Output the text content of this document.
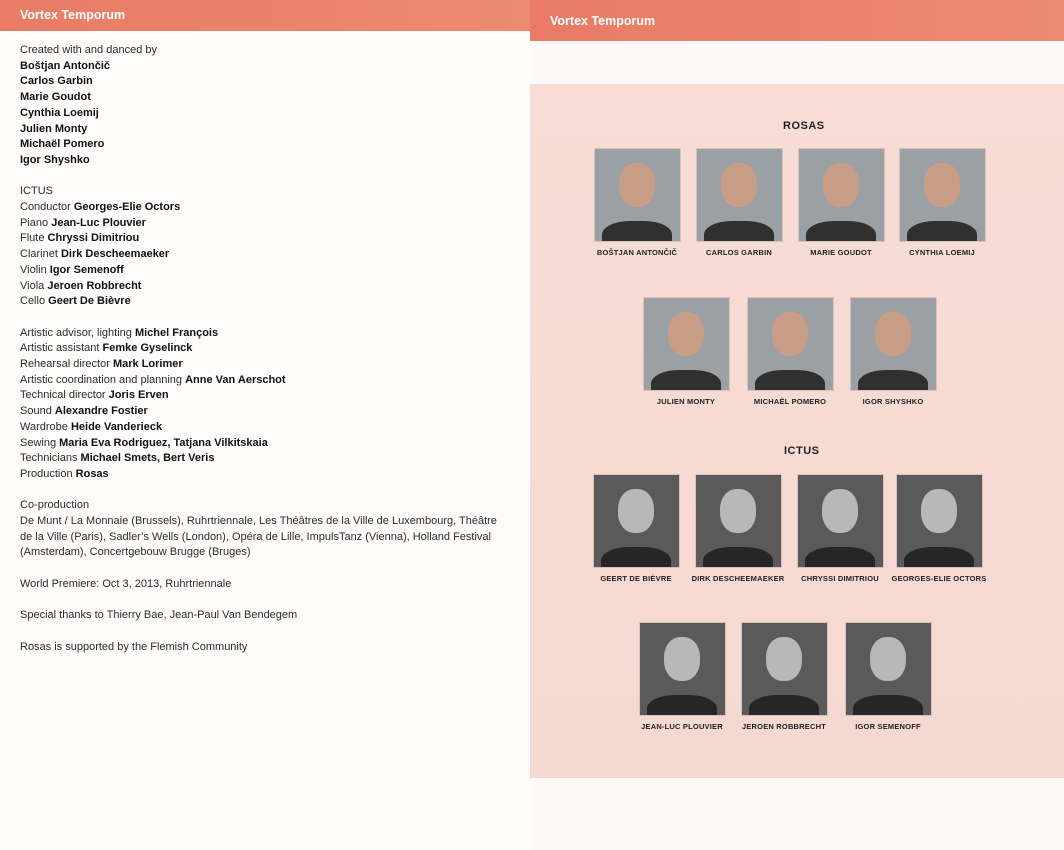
Vortex Temporum
Created with and danced by
Boštjan Antončič
Carlos Garbin
Marie Goudot
Cynthia Loemij
Julien Monty
Michaël Pomero
Igor Shyshko
ICTUS
Conductor Georges-Elie Octors
Piano Jean-Luc Plouvier
Flute Chryssi Dimitriou
Clarinet Dirk Descheemaeker
Violin Igor Semenoff
Viola Jeroen Robbrecht
Cello Geert De Bièvre
Artistic advisor, lighting Michel François
Artistic assistant Femke Gyselinck
Rehearsal director Mark Lorimer
Artistic coordination and planning Anne Van Aerschot
Technical director Joris Erven
Sound Alexandre Fostier
Wardrobe Heide Vanderieck
Sewing Maria Eva Rodriguez, Tatjana Vilkitskaia
Technicians Michael Smets, Bert Veris
Production Rosas
Co-production
De Munt / La Monnaie (Brussels), Ruhrtriennale, Les Théâtres de la Ville de Luxembourg, Théâtre de la Ville (Paris), Sadler’s Wells (London), Opéra de Lille, ImpulsTanz (Vienna), Holland Festival (Amsterdam), Concertgebouw Brugge (Bruges)
World Premiere: Oct 3, 2013, Ruhrtriennale
Special thanks to Thierry Bae, Jean-Paul Van Bendegem
Rosas is supported by the Flemish Community
Vortex Temporum
ROSAS
ICTUS
BOŠTJAN ANTONČIČ	CARLOS GARBIN	MARIE GOUDOT	CYNTHIA LOEMIJ
JULIEN MONTY	MICHAËL POMERO	IGOR SHYSHKO
GEERT DE BIÈVRE	DIRK DESCHEEMAEKER	CHRYSSI DIMITRIOU	GEORGES-ELIE OCTORS
JEAN-LUC PLOUVIER	JEROEN ROBBRECHT	IGOR SEMENOFF
